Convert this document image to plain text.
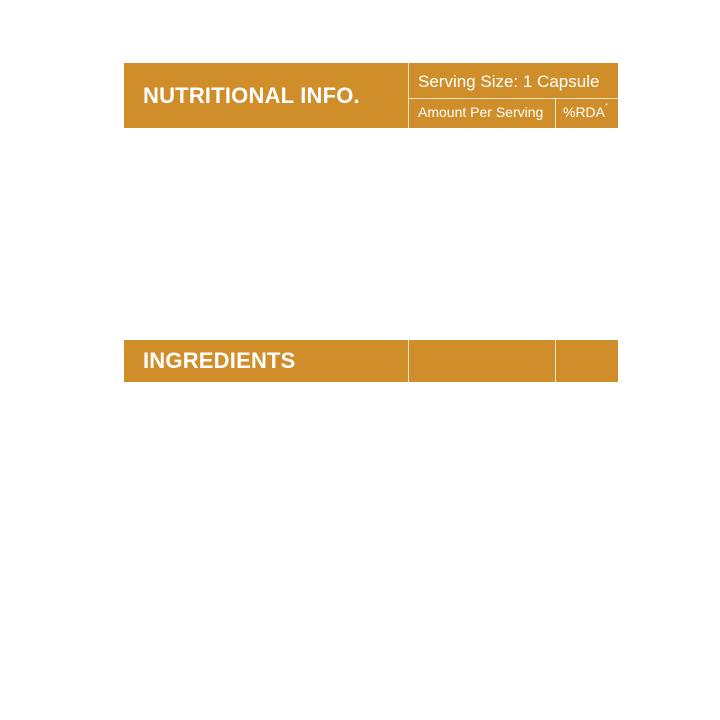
NUTRITIONAL INFO.
Serving Size: 1 Capsule
Amount Per Serving %RDA*
INGREDIENTS
